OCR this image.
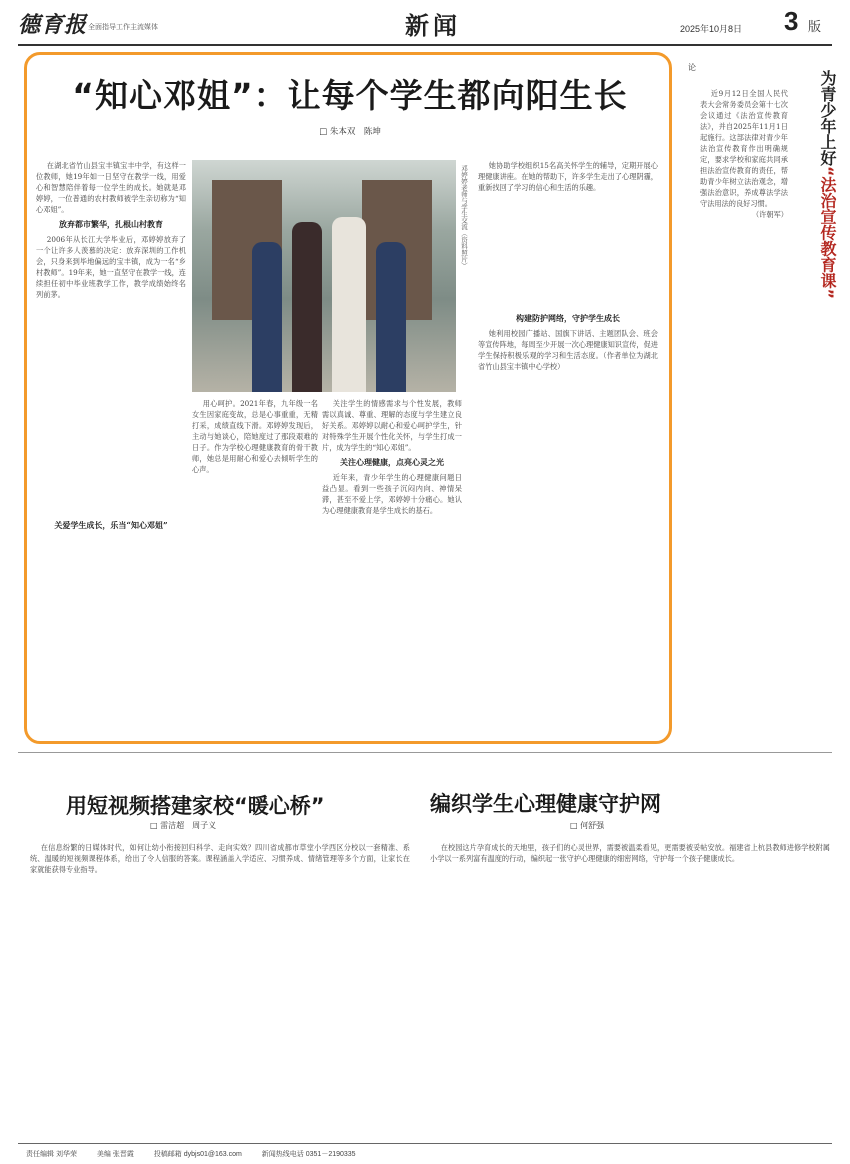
德育报 全面指导工作主流媒体	新闻	2025年10月8日 3 版
“知心邓姐”：让每个学生都向阳生长
□ 朱本双　陈坤

在湖北省竹山县宝丰镇宝丰中学，有这样一位教师，她19年如一日坚守在教学一线，用爱心和智慧陪伴着每一位学生的成长。她就是邓婷婷，一位普通的农村教师被学生亲切称为“知心邓姐”。

放弃都市繁华，扎根山村教育

2006年从长江大学毕业后，邓婷婷放弃了一个让许多人羡慕的决定：放弃深圳的工作机会，只身来到毕地偏远的宝丰镇，成为一名“乡村教师”。19年来，她一直坚守在教学一线，连续担任初中毕业班教学工作，教学成绩始终名列前茅。

关爱学生成长，乐当“知心邓姐”
邓婷婷老师与学生交流（资料照片）

用心呵护。2021年春，九年级一名女生因家庭变故，总是心事重重，无精打采，成绩直线下滑。邓婷婷发现后，主动与她谈心，陪她度过了那段艰难的日子。作为学校心理健康教育的骨干教师，她总是用耐心和爱心去倾听学生的心声。

关注学生的情感需求与个性发展，教师需以真诚、尊重、理解的态度与学生建立良好关系。邓婷婷以耐心和爱心呵护学生，针对特殊学生开展个性化关怀，与学生打成一片，成为学生的“知心邓姐”。

关注心理健康，点亮心灵之光

近年来，青少年学生的心理健康问题日益凸显。看到一些孩子沉闷内向、神情呆滞，甚至不爱上学，邓婷婷十分痛心。她认为心理健康教育是学生成长的基石。

她协助学校组织15名高关怀学生的辅导，定期开展心理健康讲座。在她的帮助下，许多学生走出了心理阴霾，重新找回了学习的信心和生活的乐趣。

构建防护网络，守护学生成长

她利用校园广播站、国旗下讲话、主题团队会、班会等宣传阵地，每周至少开展一次心理健康知识宣传，促进学生保持积极乐观的学习和生活态度。（作者单位为湖北省竹山县宝丰镇中心学校）

论
为青少年上好“法治宣传教育课”

近9月12日全国人民代表大会常务委员会第十七次会议通过《法治宣传教育法》，并自2025年11月1日起施行。这部法律对青少年法治宣传教育作出明确规定，要求学校和家庭共同承担法治宣传教育的责任，帮助青少年树立法治观念，增强法治意识，养成尊法学法守法用法的良好习惯。

（许朝军）

用短视频搭建家校“暖心桥”
□ 雷洁超　周子义

在信息纷繁的日媒体时代，如何让幼小衔接回归科学、走向实效？四川省成都市草堂小学西区分校以一套精准、系统、温暖的短视频课程体系，给出了令人信服的答案。课程涵盖入学适应、习惯养成、情绪管理等多个方面，让家长在家就能获得专业指导。

编织学生心理健康守护网
□ 何舒强

在校园这片孕育成长的天地里，孩子们的心灵世界，需要被温柔看见，更需要被妥帖安放。福建省上杭县教师进修学校附属小学以一系列富有温度的行动，编织起一张守护心理健康的细密网络，守护每一个孩子健康成长。

责任编辑 刘华荣	美编 张晋霞	投稿邮箱 dybjs01@163.com	新闻热线电话 0351－2190335
